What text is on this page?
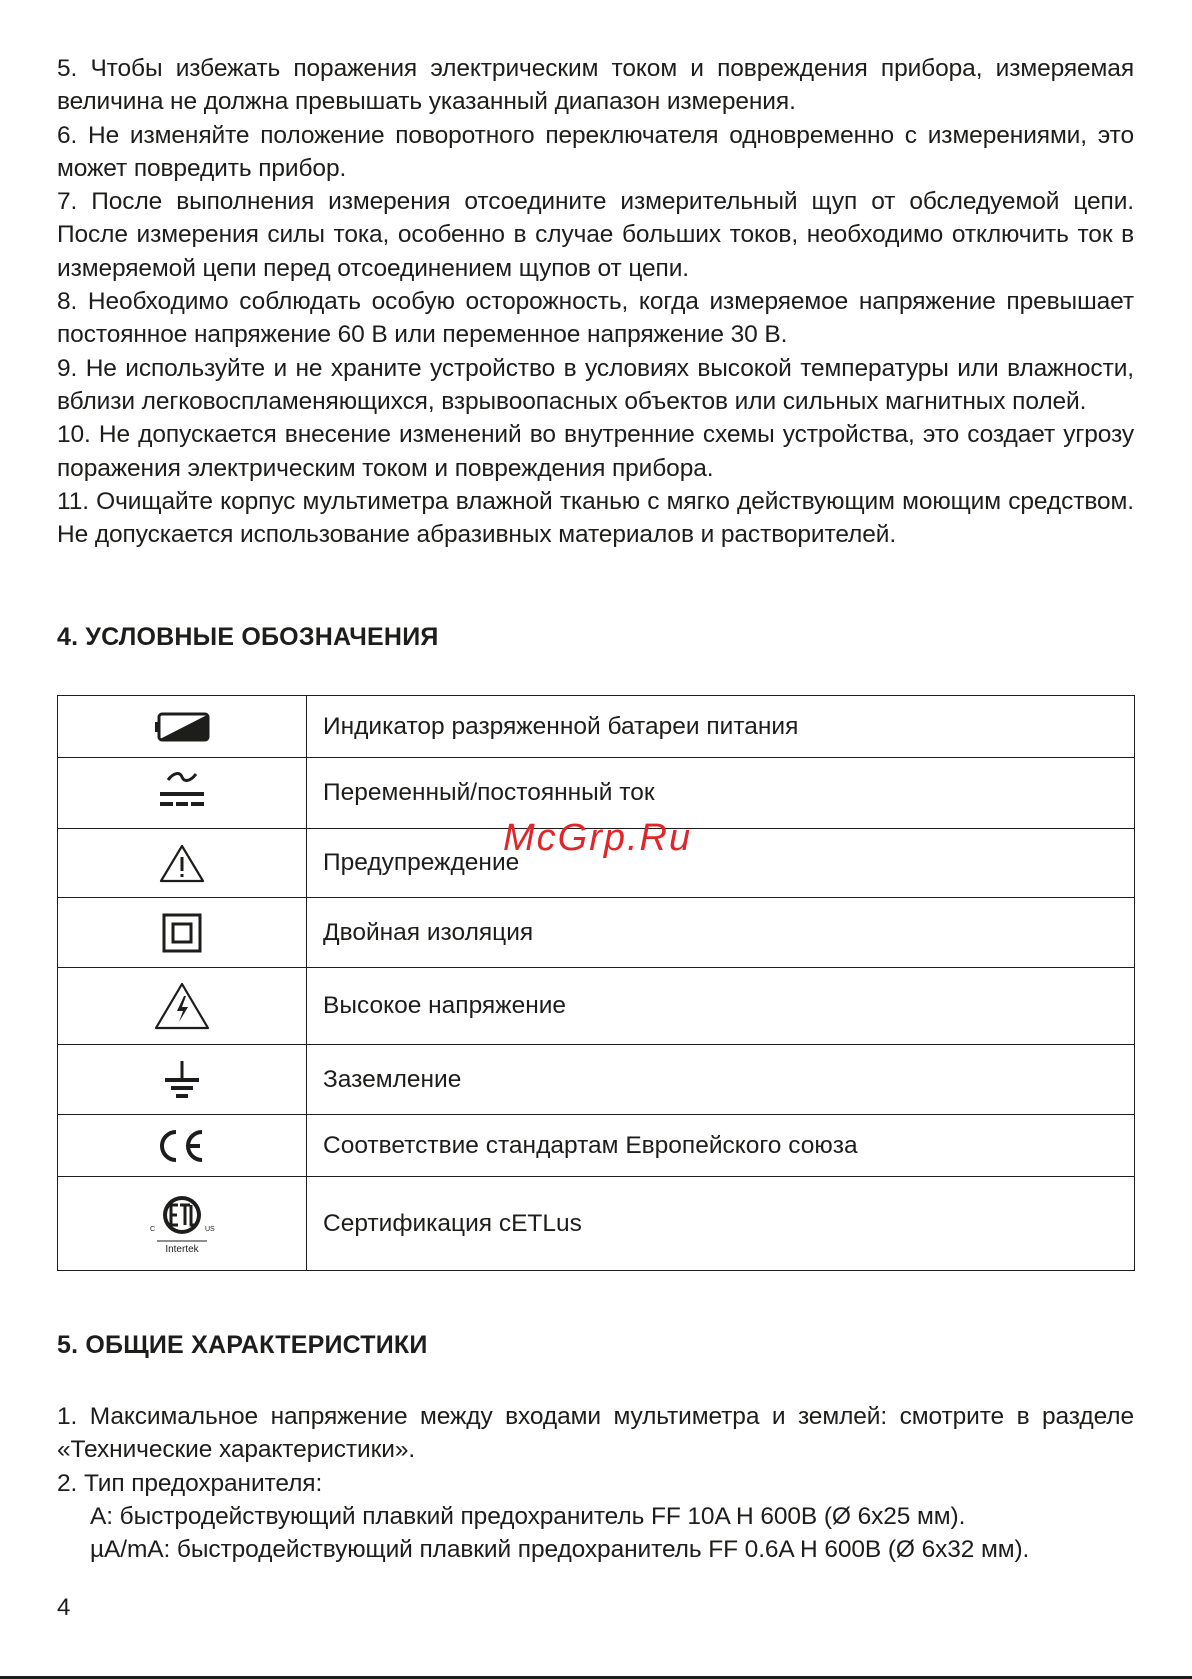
5. Чтобы избежать поражения электрическим током и повреждения прибора, измеряемая величина не должна превышать указанный диапазон измерения.

6. Не изменяйте положение поворотного переключателя одновременно с измерениями, это может повредить прибор.

7. После выполнения измерения отсоедините измерительный щуп от обследуемой цепи. После измерения силы тока, особенно в случае больших токов, необходимо отключить ток в измеряемой цепи перед отсоединением щупов от цепи.

8. Необходимо соблюдать особую осторожность, когда измеряемое напряжение превышает постоянное напряжение 60 В или переменное напряжение 30 В.

9. Не используйте и не храните устройство в условиях высокой температуры или влажности, вблизи легковоспламеняющихся, взрывоопасных объектов или сильных магнитных полей.

10. Не допускается внесение изменений во внутренние схемы устройства, это создает угрозу поражения электрическим током и повреждения прибора.

11. Очищайте корпус мультиметра влажной тканью с мягко действующим моющим средством. Не допускается использование абразивных материалов и растворителей.

4. УСЛОВНЫЕ ОБОЗНАЧЕНИЯ
	Индикатор разряженной батареи питания
	Переменный/постоянный ток
	Предупреждение
	Двойная изоляция
	Высокое напряжение
	Заземление
	Соответствие стандартам Европейского союза

C US
Intertek	Сертификация cETLus
5. ОБЩИЕ ХАРАКТЕРИСТИКИ

1. Максимальное напряжение между входами мультиметра и землей: смотрите в разделе «Технические характеристики».

2. Тип предохранителя:

A: быстродействующий плавкий предохранитель FF 10A H 600В (Ø 6x25 мм).

µA/mA: быстродействующий плавкий предохранитель FF 0.6A H 600В (Ø 6x32 мм).

McGrp.Ru
4
